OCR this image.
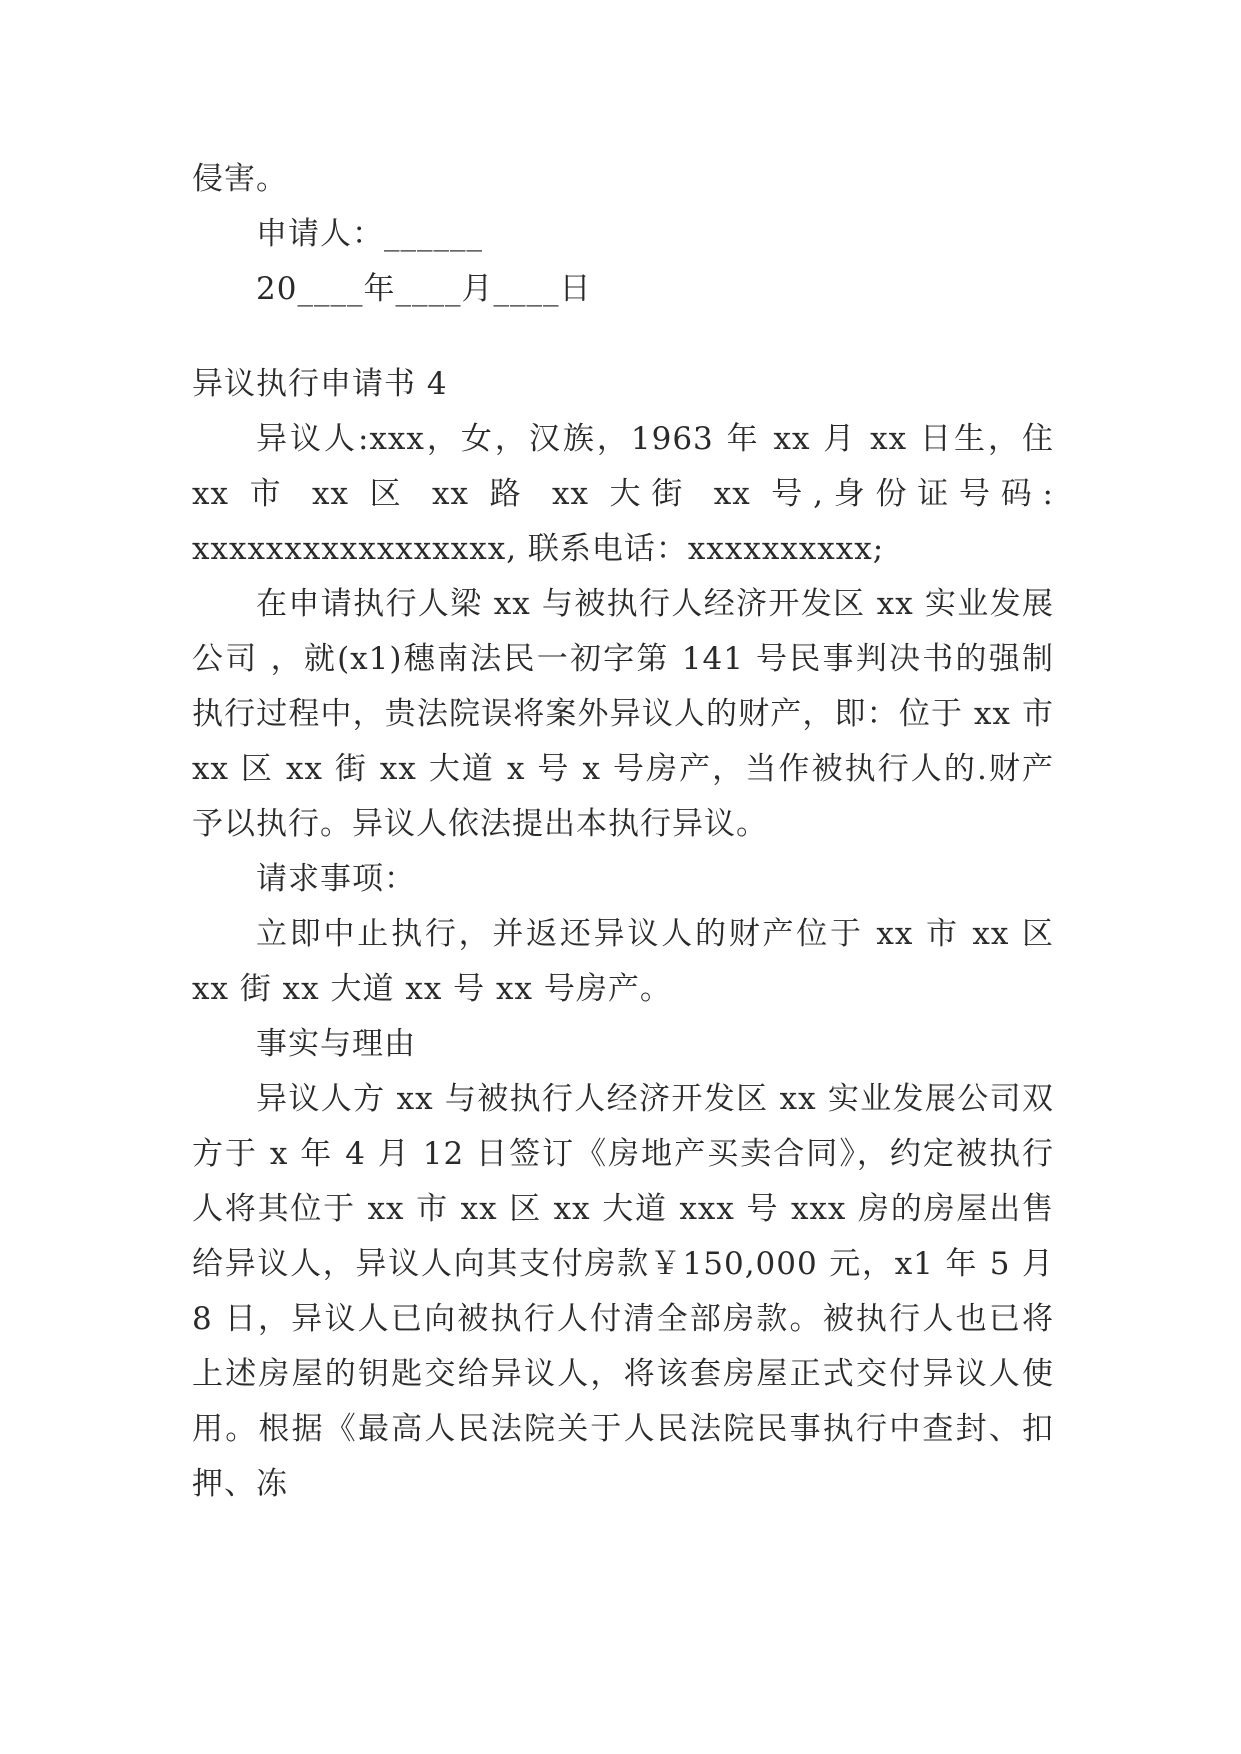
侵害。

申请人：______

20____年____月____日

异议执行申请书 4

异议人:xxx，女，汉族，1963 年 xx 月 xx 日生，住 xx 市 xx 区 xx 路 xx 大街 xx 号,身份证号码: xxxxxxxxxxxxxxxxx, 联系电话：xxxxxxxxxx;

在申请执行人梁 xx 与被执行人经济开发区 xx 实业发展公司 ，就(x1)穗南法民一初字第 141 号民事判决书的强制执行过程中，贵法院误将案外异议人的财产，即：位于 xx 市 xx 区 xx 街 xx 大道 x 号 x 号房产，当作被执行人的.财产予以执行。异议人依法提出本执行异议。

请求事项：

立即中止执行，并返还异议人的财产位于 xx 市 xx 区 xx 街 xx 大道 xx 号 xx 号房产。

事实与理由

异议人方 xx 与被执行人经济开发区 xx 实业发展公司双方于 x 年 4 月 12 日签订《房地产买卖合同》，约定被执行人将其位于 xx 市 xx 区 xx 大道 xxx 号 xxx 房的房屋出售给异议人，异议人向其支付房款￥150,000 元，x1 年 5 月 8 日，异议人已向被执行人付清全部房款。被执行人也已将上述房屋的钥匙交给异议人，将该套房屋正式交付异议人使用。根据《最高人民法院关于人民法院民事执行中查封、扣押、冻
